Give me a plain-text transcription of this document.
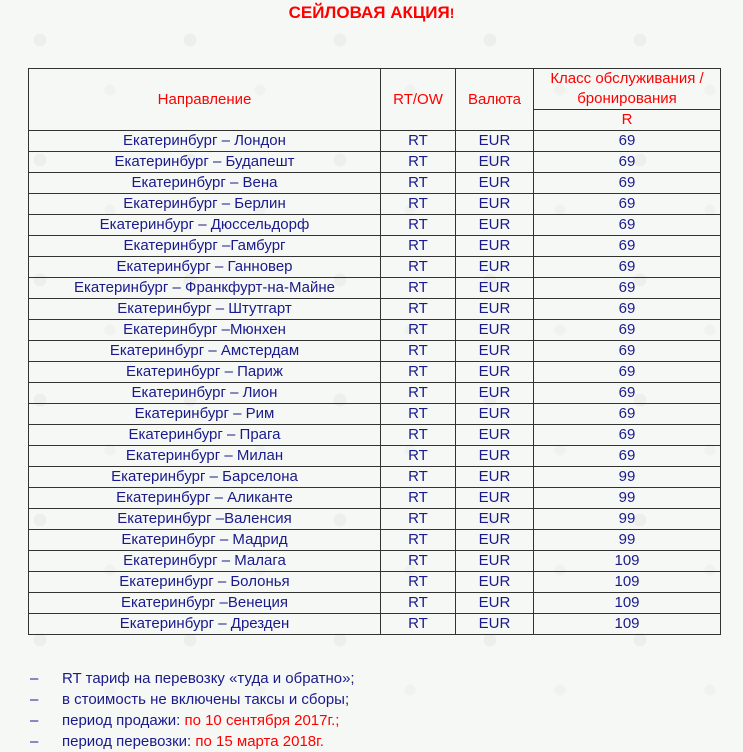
СЕЙЛОВАЯ АКЦИЯ!
Направление	RT/OW	Валюта	Класс обслуживания / бронирования
			R
Екатеринбург – Лондон	RT	EUR	69
Екатеринбург – Будапешт	RT	EUR	69
Екатеринбург – Вена	RT	EUR	69
Екатеринбург – Берлин	RT	EUR	69
Екатеринбург – Дюссельдорф	RT	EUR	69
Екатеринбург –Гамбург	RT	EUR	69
Екатеринбург – Ганновер	RT	EUR	69
Екатеринбург – Франкфурт-на-Майне	RT	EUR	69
Екатеринбург – Штутгарт	RT	EUR	69
Екатеринбург –Мюнхен	RT	EUR	69
Екатеринбург – Амстердам	RT	EUR	69
Екатеринбург – Париж	RT	EUR	69
Екатеринбург – Лион	RT	EUR	69
Екатеринбург – Рим	RT	EUR	69
Екатеринбург – Прага	RT	EUR	69
Екатеринбург – Милан	RT	EUR	69
Екатеринбург – Барселона	RT	EUR	99
Екатеринбург – Аликанте	RT	EUR	99
Екатеринбург –Валенсия	RT	EUR	99
Екатеринбург – Мадрид	RT	EUR	99
Екатеринбург – Малага	RT	EUR	109
Екатеринбург – Болонья	RT	EUR	109
Екатеринбург –Венеция	RT	EUR	109
Екатеринбург – Дрезден	RT	EUR	109
– RT тариф на перевозку «туда и обратно»;
– в стоимость не включены таксы и сборы;
– период продажи: по 10 сентября 2017г.;
– период перевозки: по 15 марта 2018г.
